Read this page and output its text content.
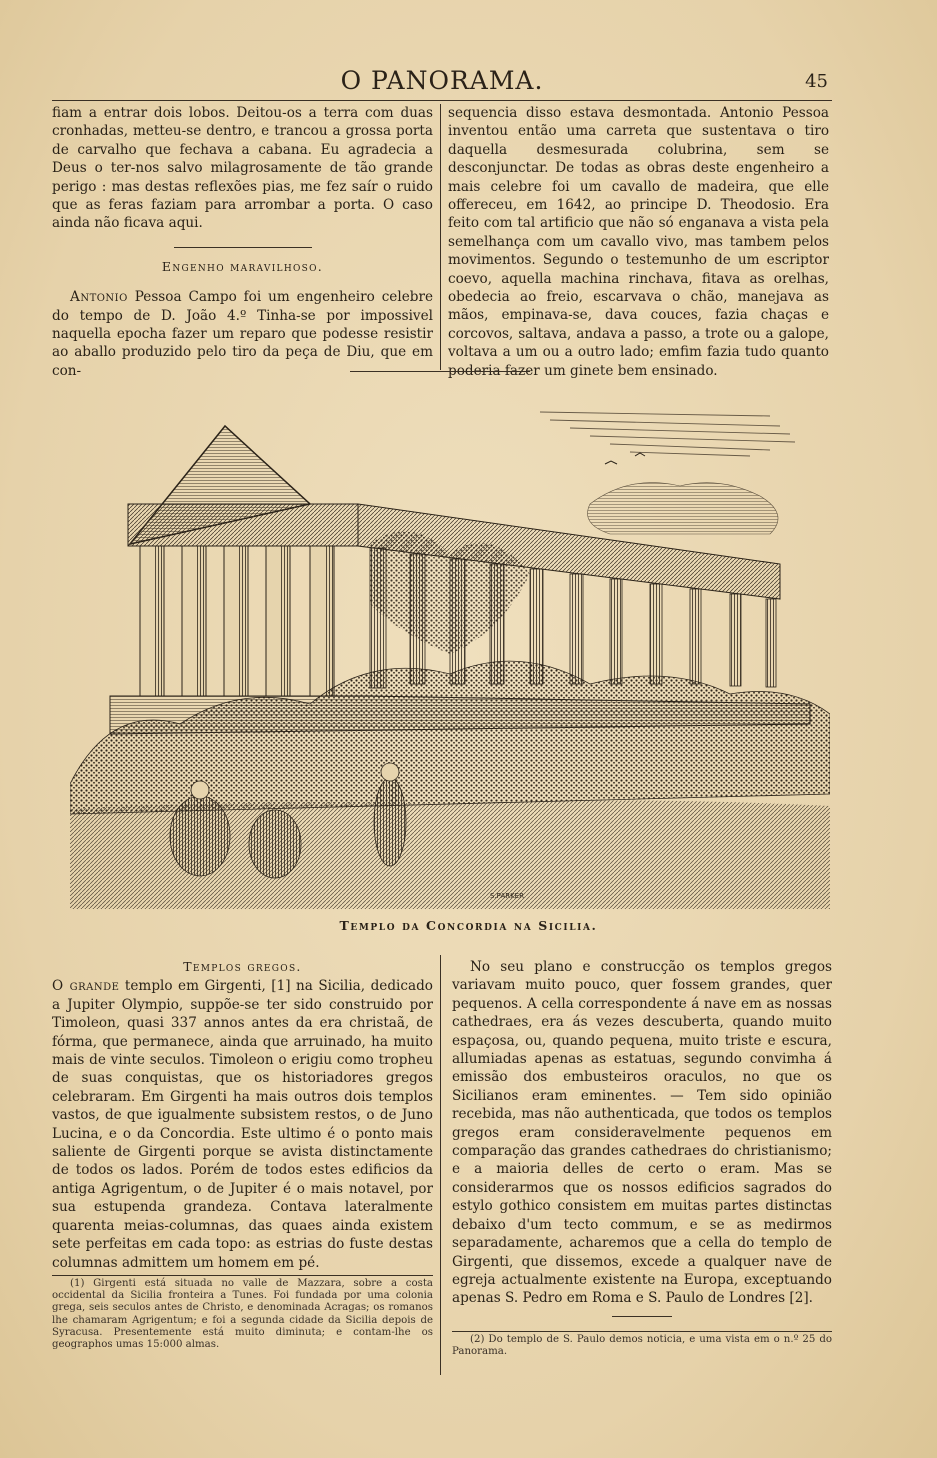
O PANORAMA.	45

fiam a entrar dois lobos. Deitou-os a terra com duas cronhadas, metteu-se dentro, e trancou a grossa porta de carvalho que fechava a cabana. Eu agradecia a Deus o ter-nos salvo milagrosamente de tão grande perigo : mas destas reflexões pias, me fez saír o ruido que as feras faziam para arrombar a porta. O caso ainda não ficava aqui.

Engenho maravilhoso.

Antonio Pessoa Campo foi um engenheiro celebre do tempo de D. João 4.º Tinha-se por impossivel naquella epocha fazer um reparo que podesse resistir ao aballo produzido pelo tiro da peça de Diu, que em con-

sequencia disso estava desmontada. Antonio Pessoa inventou então uma carreta que sustentava o tiro daquella desmesurada colubrina, sem se desconjunctar. De todas as obras deste engenheiro a mais celebre foi um cavallo de madeira, que elle offereceu, em 1642, ao principe D. Theodosio. Era feito com tal artificio que não só enganava a vista pela semelhança com um cavallo vivo, mas tambem pelos movimentos. Segundo o testemunho de um escriptor coevo, aquella machina rinchava, fitava as orelhas, obedecia ao freio, escarvava o chão, manejava as mãos, empinava-se, dava couces, fazia chaças e corcovos, saltava, andava a passo, a trote ou a galope, voltava a um ou a outro lado; emfim fazia tudo quanto poderia fazer um ginete bem ensinado.

S.PARKER
Templo da Concordia na Sicilia.
Templos gregos.

O grande templo em Girgenti, [1] na Sicilia, dedicado a Jupiter Olympio, suppõe-se ter sido construido por Timoleon, quasi 337 annos antes da era christaã, de fórma, que permanece, ainda que arruinado, ha muito mais de vinte seculos. Timoleon o erigiu como tropheu de suas conquistas, que os historiadores gregos celebraram. Em Girgenti ha mais outros dois templos vastos, de que igualmente subsistem restos, o de Juno Lucina, e o da Concordia. Este ultimo é o ponto mais saliente de Girgenti porque se avista distinctamente de todos os lados. Porém de todos estes edificios da antiga Agrigentum, o de Jupiter é o mais notavel, por sua estupenda grandeza. Contava lateralmente quarenta meias-columnas, das quaes ainda existem sete perfeitas em cada topo: as estrias do fuste destas columnas admittem um homem em pé.

(1) Girgenti está situada no valle de Mazzara, sobre a costa occidental da Sicilia fronteira a Tunes. Foi fundada por uma colonia grega, seis seculos antes de Christo, e denominada Acragas; os romanos lhe chamaram Agrigentum; e foi a segunda cidade da Sicilia depois de Syracusa. Presentemente está muito diminuta; e contam-lhe os geographos umas 15:000 almas.

No seu plano e construcção os templos gregos variavam muito pouco, quer fossem grandes, quer pequenos. A cella correspondente á nave em as nossas cathedraes, era ás vezes descuberta, quando muito espaçosa, ou, quando pequena, muito triste e escura, allumiadas apenas as estatuas, segundo convimha á emissão dos embusteiros oraculos, no que os Sicilianos eram eminentes. — Tem sido opinião recebida, mas não authenticada, que todos os templos gregos eram consideravelmente pequenos em comparação das grandes cathedraes do christianismo; e a maioria delles de certo o eram. Mas se considerarmos que os nossos edificios sagrados do estylo gothico consistem em muitas partes distinctas debaixo d'um tecto commum, e se as medirmos separadamente, acharemos que a cella do templo de Girgenti, que dissemos, excede a qualquer nave de egreja actualmente existente na Europa, exceptuando apenas S. Pedro em Roma e S. Paulo de Londres [2].

(2) Do templo de S. Paulo demos noticia, e uma vista em o n.º 25 do Panorama.
